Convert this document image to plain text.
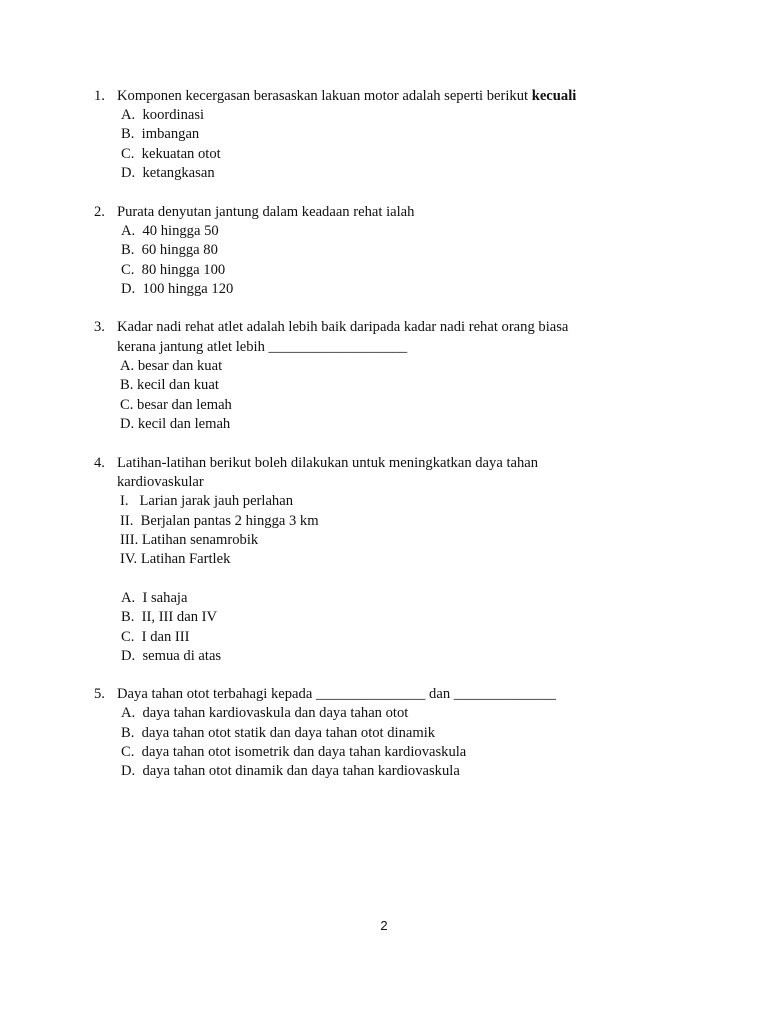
1. Komponen kecergasan berasaskan lakuan motor adalah seperti berikut kecuali
A.  koordinasi
B.  imbangan
C.  kekuatan otot
D.  ketangkasan
2. Purata denyutan jantung dalam keadaan rehat ialah
A.  40 hingga 50
B.  60 hingga 80
C.  80 hingga 100
D.  100 hingga 120
3. Kadar nadi rehat atlet adalah lebih baik daripada kadar nadi rehat orang biasa
kerana jantung atlet lebih ___________________
A. besar dan kuat
B. kecil dan kuat
C. besar dan lemah
D. kecil dan lemah
4. Latihan-latihan berikut boleh dilakukan untuk meningkatkan daya tahan
kardiovaskular
I.   Larian jarak jauh perlahan
II.  Berjalan pantas 2 hingga 3 km
III. Latihan senamrobik
IV. Latihan Fartlek
A.  I sahaja
B.  II, III dan IV
C.  I dan III
D.  semua di atas
5. Daya tahan otot terbahagi kepada _______________ dan ______________
A.  daya tahan kardiovaskula dan daya tahan otot
B.  daya tahan otot statik dan daya tahan otot dinamik
C.  daya tahan otot isometrik dan daya tahan kardiovaskula
D.  daya tahan otot dinamik dan daya tahan kardiovaskula
2
